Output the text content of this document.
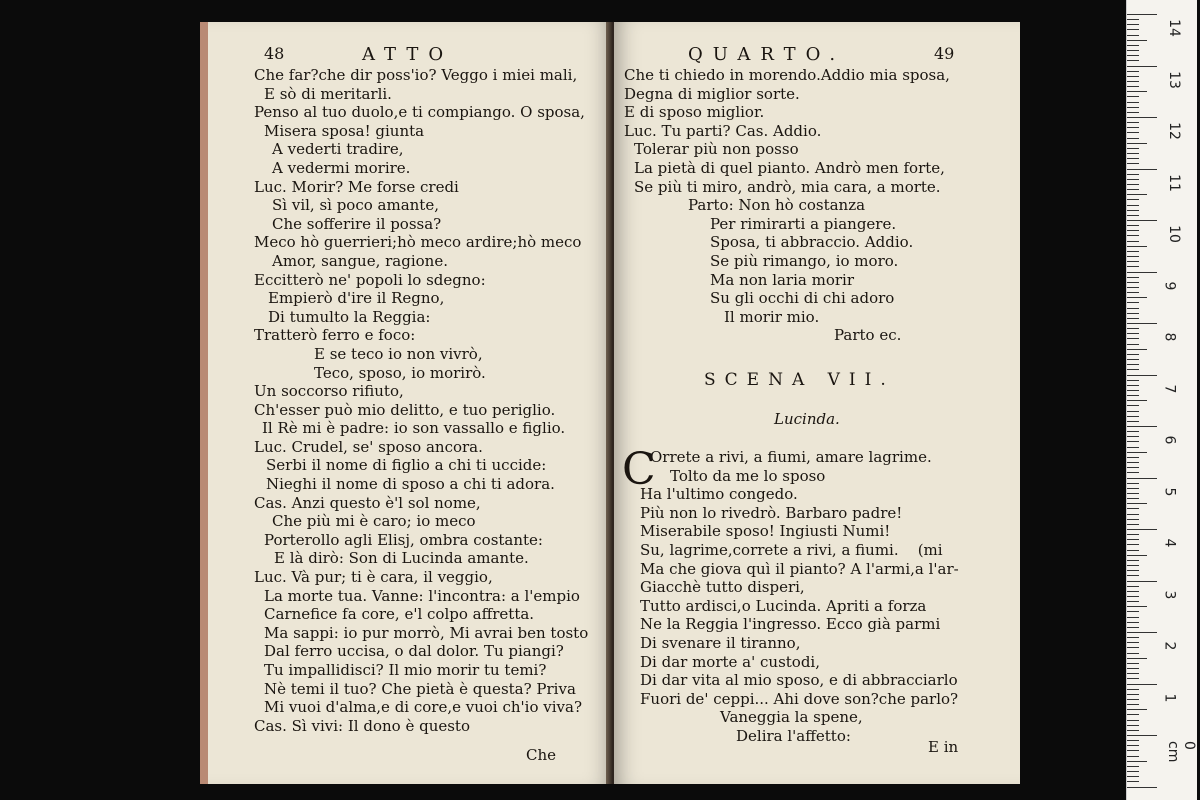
48	ATTO
Che far?che dir poss'io? Veggo i miei mali,
E sò di meritarli.
Penso al tuo duolo,e ti compiango. O sposa,
Misera sposa! giunta
A vederti tradire,
A vedermi morire.
Luc. Morir? Me forse credi
Sì vil, sì poco amante,
Che sofferire il possa?
Meco hò guerrieri;hò meco ardire;hò meco
Amor, sangue, ragione.
Eccitterò ne' popoli lo sdegno:
Empierò d'ire il Regno,
Di tumulto la Reggia:
Tratterò ferro e foco:
E se teco io non vivrò,
Teco, sposo, io morirò.
Un soccorso rifiuto,
Ch'esser può mio delitto, e tuo periglio.
Il Rè mi è padre: io son vassallo e figlio.
Luc. Crudel, se' sposo ancora.
Serbi il nome di figlio a chi ti uccide:
Nieghi il nome di sposo a chi ti adora.
Cas. Anzi questo è'l sol nome,
Che più mi è caro; io meco
Porterollo agli Elisj, ombra costante:
E là dirò: Son di Lucinda amante.
Luc. Và pur; ti è cara, il veggio,
La morte tua. Vanne: l'incontra: a l'empio
Carnefice fa core, e'l colpo affretta.
Ma sappi: io pur morrò, Mi avrai ben tosto
Dal ferro uccisa, o dal dolor. Tu piangi?
Tu impallidisci? Il mio morir tu temi?
Nè temi il tuo? Che pietà è questa? Priva
Mi vuoi d'alma,e di core,e vuoi ch'io viva?
Cas. Sì vivi: Il dono è questo
Che
QUARTO.	49
Che ti chiedo in morendo.Addio mia sposa,
Degna di miglior sorte.
E di sposo miglior.
Luc. Tu parti? Cas. Addio.
Tolerar più non posso
La pietà di quel pianto. Andrò men forte,
Se più ti miro, andrò, mia cara, a morte.
Parto: Non hò costanza
Per rimirarti a piangere.
Sposa, ti abbraccio. Addio.
Se più rimango, io moro.
Ma non laria morir
Su gli occhi di chi adoro
Il morir mio.
Parto ec.
SCENA VII.
Lucinda.
C
Orrete a rivi, a fiumi, amare lagrime.
Tolto da me lo sposo
Ha l'ultimo congedo.
Più non lo rivedrò. Barbaro padre!
Miserabile sposo! Ingiusti Numi!
Su, lagrime,correte a rivi, a fiumi.    (mi
Ma che giova quì il pianto? A l'armi,a l'ar-
Giacchè tutto disperi,
Tutto ardisci,o Lucinda. Apriti a forza
Ne la Reggia l'ingresso. Ecco già parmi
Di svenare il tiranno,
Di dar morte a' custodi,
Di dar vita al mio sposo, e di abbracciarlo
Fuori de' ceppi... Ahi dove son?che parlo?
Vaneggia la spene,
Delira l'affetto:
E in
14
13
12
11
10
9
8
7
6
5
4
3
2
1
0 cm
